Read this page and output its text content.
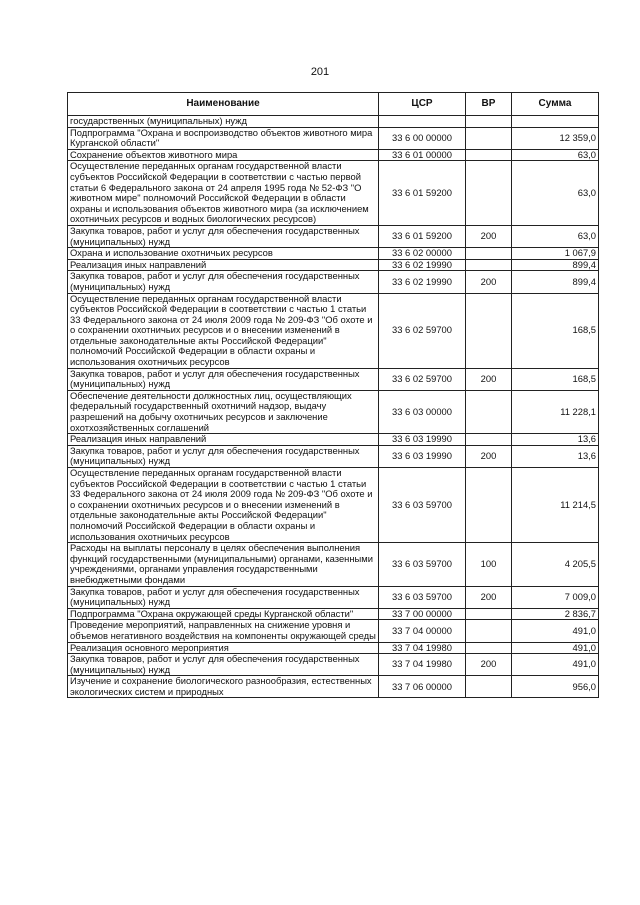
201
Наименование	ЦСР	ВР	Сумма
государственных (муниципальных) нужд			
Подпрограмма "Охрана и воспроизводство объектов животного мира Курганской области"	33 6 00 00000		12 359,0
Сохранение объектов животного мира	33 6 01 00000		63,0
Осуществление переданных органам государственной власти субъектов Российской Федерации в соответствии с частью первой статьи 6 Федерального закона от 24 апреля 1995 года № 52-ФЗ "О животном мире" полномочий Российской Федерации в области охраны и использования объектов животного мира (за исключением охотничьих ресурсов и водных биологических ресурсов)	33 6 01 59200		63,0
Закупка товаров, работ и услуг для обеспечения государственных (муниципальных) нужд	33 6 01 59200	200	63,0
Охрана и использование охотничьих ресурсов	33 6 02 00000		1 067,9
Реализация иных направлений	33 6 02 19990		899,4
Закупка товаров, работ и услуг для обеспечения государственных (муниципальных) нужд	33 6 02 19990	200	899,4
Осуществление переданных органам государственной власти субъектов Российской Федерации в соответствии с частью 1 статьи 33 Федерального закона от 24 июля 2009 года № 209-ФЗ "Об охоте и о сохранении охотничьих ресурсов и о внесении изменений в отдельные законодательные акты Российской Федерации" полномочий Российской Федерации в области охраны и использования охотничьих ресурсов	33 6 02 59700		168,5
Закупка товаров, работ и услуг для обеспечения государственных (муниципальных) нужд	33 6 02 59700	200	168,5
Обеспечение деятельности должностных лиц, осуществляющих федеральный государственный охотничий надзор, выдачу разрешений на добычу охотничьих ресурсов и заключение охотхозяйственных соглашений	33 6 03 00000		11 228,1
Реализация иных направлений	33 6 03 19990		13,6
Закупка товаров, работ и услуг для обеспечения государственных (муниципальных) нужд	33 6 03 19990	200	13,6
Осуществление переданных органам государственной власти субъектов Российской Федерации в соответствии с частью 1 статьи 33 Федерального закона от 24 июля 2009 года № 209-ФЗ "Об охоте и о сохранении охотничьих ресурсов и о внесении изменений в отдельные законодательные акты Российской Федерации" полномочий Российской Федерации в области охраны и использования охотничьих ресурсов	33 6 03 59700		11 214,5
Расходы на выплаты персоналу в целях обеспечения выполнения функций государственными (муниципальными) органами, казенными учреждениями, органами управления государственными внебюджетными фондами	33 6 03 59700	100	4 205,5
Закупка товаров, работ и услуг для обеспечения государственных (муниципальных) нужд	33 6 03 59700	200	7 009,0
Подпрограмма "Охрана окружающей среды Курганской области"	33 7 00 00000		2 836,7
Проведение мероприятий, направленных на снижение уровня и объемов негативного воздействия на компоненты окружающей среды	33 7 04 00000		491,0
Реализация основного мероприятия	33 7 04 19980		491,0
Закупка товаров, работ и услуг для обеспечения государственных (муниципальных) нужд	33 7 04 19980	200	491,0
Изучение и сохранение биологического разнообразия, естественных экологических систем и природных	33 7 06 00000		956,0
